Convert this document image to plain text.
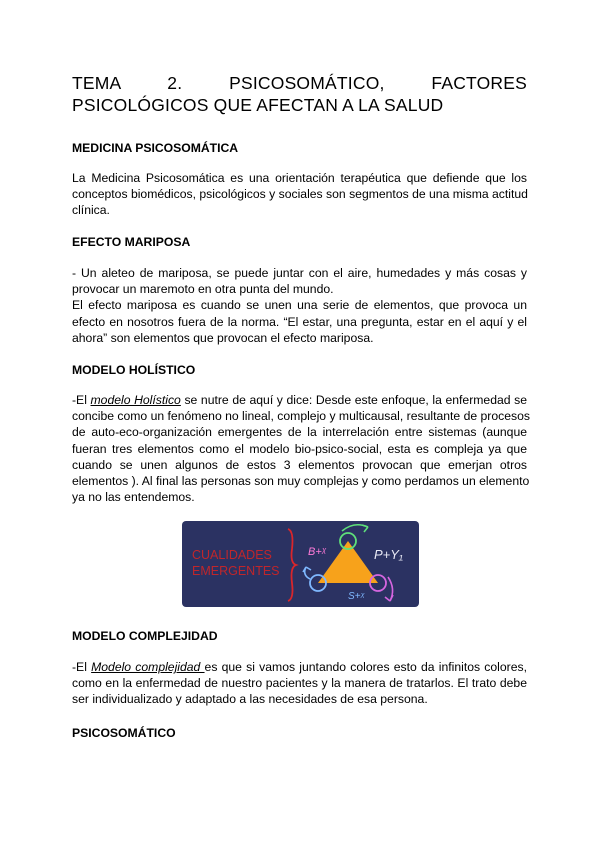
TEMA 2. PSICOSOMÁTICO, FACTORES
PSICOLÓGICOS QUE AFECTAN A LA SALUD
MEDICINA PSICOSOMÁTICA
La Medicina Psicosomática es una orientación terapéutica que defiende que los
conceptos biomédicos, psicológicos y sociales son segmentos de una misma actitud
clínica.
EFECTO MARIPOSA
- Un aleteo de mariposa, se puede juntar con el aire, humedades y más cosas y
provocar un maremoto en otra punta del mundo.
El efecto mariposa es cuando se unen una serie de elementos, que provoca un
efecto en nosotros fuera de la norma. “El estar, una pregunta, estar en el aquí y el
ahora” son elementos que provocan el efecto mariposa.
MODELO HOLÍSTICO
-El modelo Holístico se nutre de aquí y dice: Desde este enfoque, la enfermedad se
concibe como un fenómeno no lineal, complejo y multicausal, resultante de procesos
de auto-eco-organización emergentes de la interrelación entre sistemas (aunque
fueran tres elementos como el modelo bio-psico-social, esta es compleja ya que
cuando se unen algunos de estos 3 elementos provocan que emerjan otros
elementos ). Al final las personas son muy complejas y como perdamos un elemento
ya no las entendemos.
CUALIDADES
EMERGENTES
B+ᵡ	P+Y₁
S+ᵡ
MODELO COMPLEJIDAD
-El Modelo complejidad es que si vamos juntando colores esto da infinitos colores,
como en la enfermedad de nuestro pacientes y la manera de tratarlos. El trato debe
ser individualizado y adaptado a las necesidades de esa persona.
PSICOSOMÁTICO
